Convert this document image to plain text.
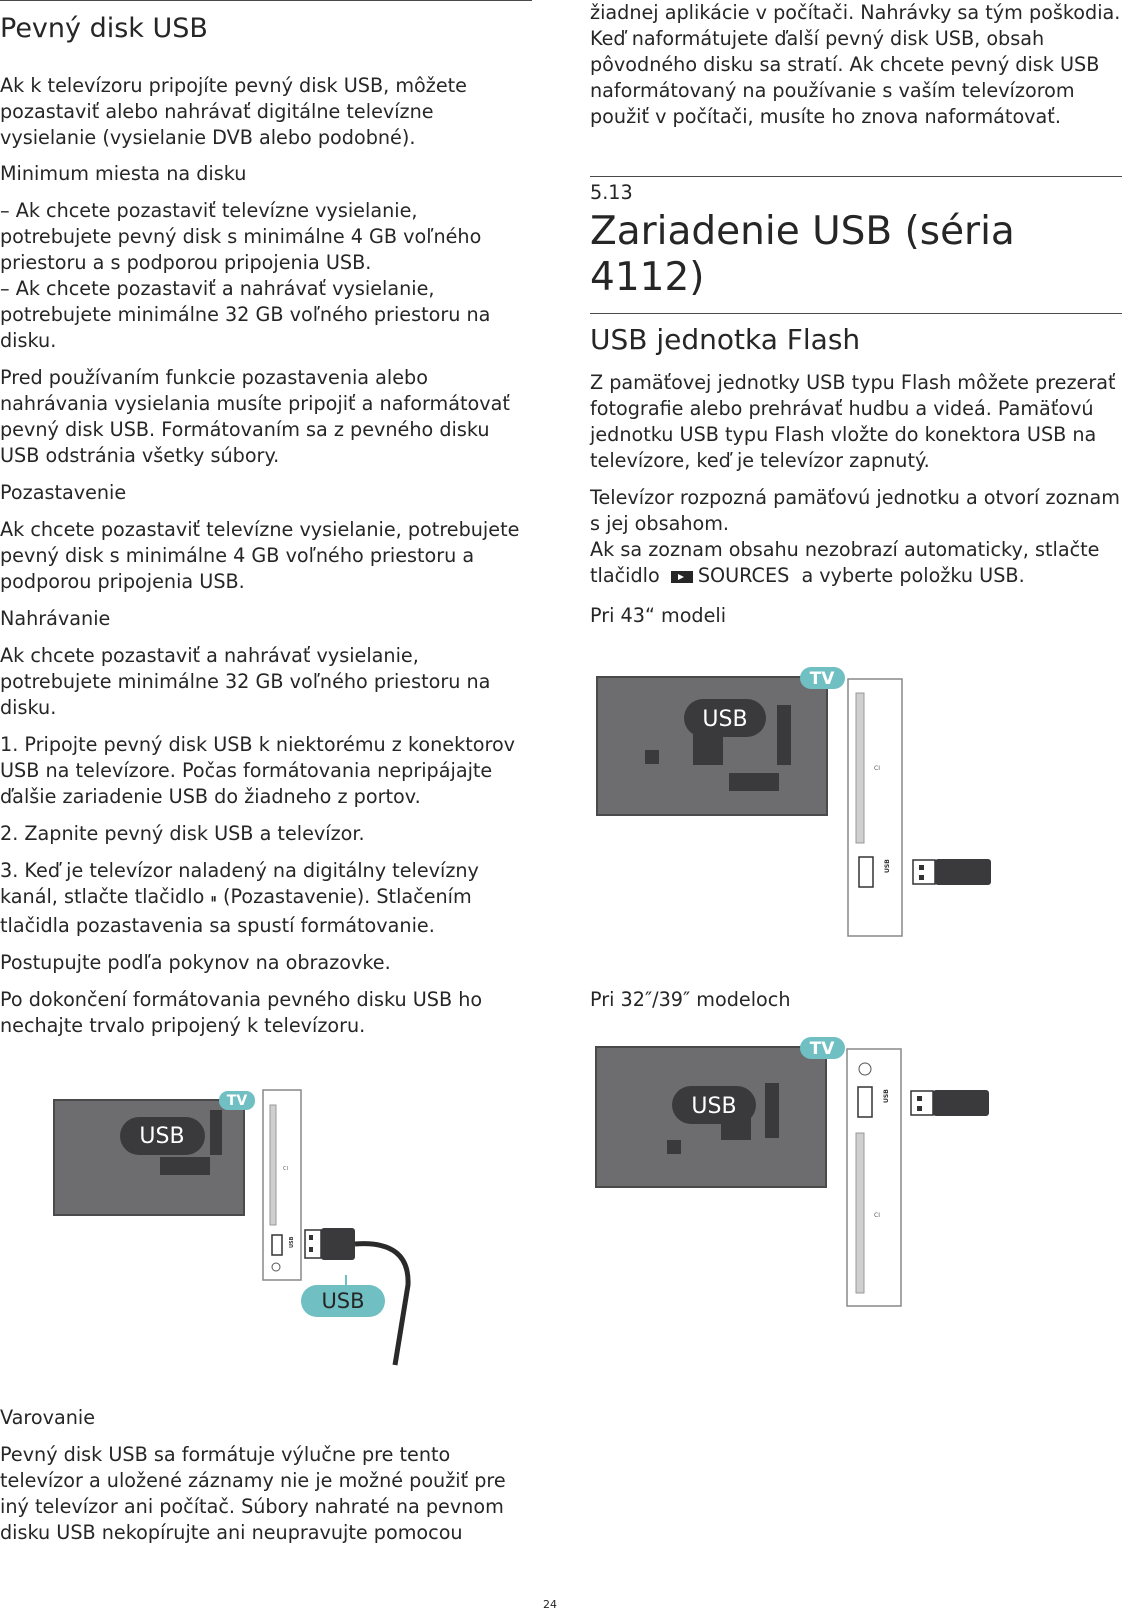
Pevný disk USB

Ak k televízoru pripojíte pevný disk USB, môžete pozastaviť alebo nahrávať digitálne televízne vysielanie (vysielanie DVB alebo podobné).

Minimum miesta na disku

– Ak chcete pozastaviť televízne vysielanie, potrebujete pevný disk s minimálne 4 GB voľného priestoru a s podporou pripojenia USB.

– Ak chcete pozastaviť a nahrávať vysielanie, potrebujete minimálne 32 GB voľného priestoru na disku.

Pred používaním funkcie pozastavenia alebo nahrávania vysielania musíte pripojiť a naformátovať pevný disk USB. Formátovaním sa z pevného disku USB odstránia všetky súbory.

Pozastavenie

Ak chcete pozastaviť televízne vysielanie, potrebujete pevný disk s minimálne 4 GB voľného priestoru a podporou pripojenia USB.

Nahrávanie

Ak chcete pozastaviť a nahrávať vysielanie, potrebujete minimálne 32 GB voľného priestoru na disku.

1. Pripojte pevný disk USB k niektorému z konektorov USB na televízore. Počas formátovania nepripájajte ďalšie zariadenie USB do žiadneho z portov.

2. Zapnite pevný disk USB a televízor.

3. Keď je televízor naladený na digitálny televízny kanál, stlačte tlačidlo ⏸ (Pozastavenie). Stlačením tlačidla pozastavenia sa spustí formátovanie.

Postupujte podľa pokynov na obrazovke.

Po dokončení formátovania pevného disku USB ho nechajte trvalo pripojený k televízoru.

USB
TV
CI
USB
USB

Varovanie

Pevný disk USB sa formátuje výlučne pre tento televízor a uložené záznamy nie je možné použiť pre iný televízor ani počítač. Súbory nahraté na pevnom disku USB nekopírujte ani neupravujte pomocou

žiadnej aplikácie v počítači. Nahrávky sa tým poškodia. Keď naformátujete ďalší pevný disk USB, obsah pôvodného disku sa stratí. Ak chcete pevný disk USB naformátovaný na používanie s vaším televízorom použiť v počítači, musíte ho znova naformátovať.

5.13

Zariadenie USB (séria 4112)
USB jednotka Flash

Z pamäťovej jednotky USB typu Flash môžete prezerať fotografie alebo prehrávať hudbu a videá. Pamäťovú jednotku USB typu Flash vložte do konektora USB na televízore, keď je televízor zapnutý.

Televízor rozpozná pamäťovú jednotku a otvorí zoznam s jej obsahom.

Ak sa zoznam obsahu nezobrazí automaticky, stlačte tlačidlo SOURCES  a vyberte položku USB.

Pri 43“ modeli

USB
TV
CI
USB

Pri 32″/39″ modeloch

USB
TV
USB
CI
24
